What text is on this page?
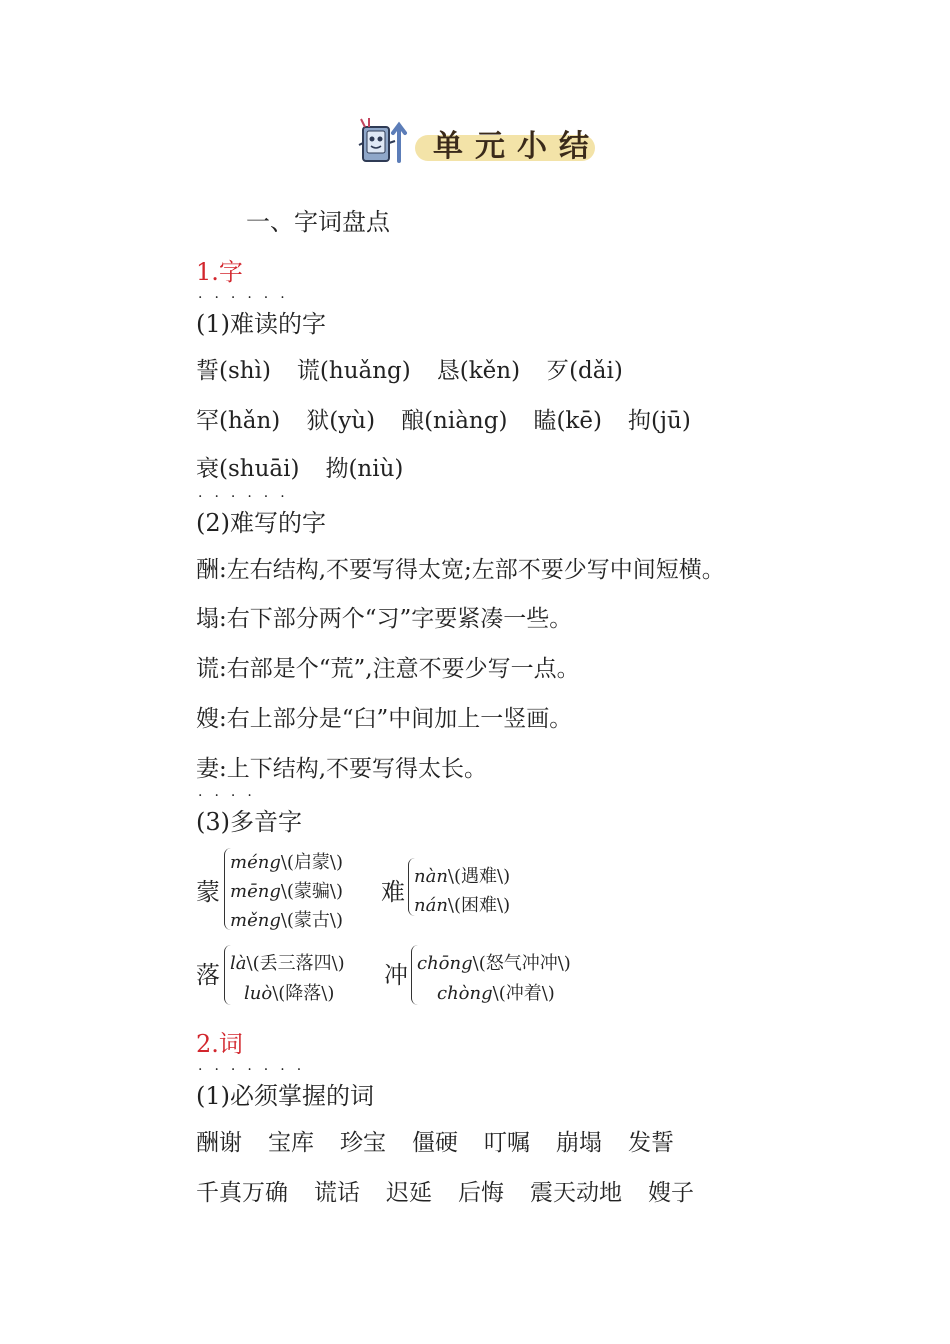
单元小结
一、字词盘点
1.字
······
(1)难读的字
誓(shì) 谎(huǎng) 恳(kěn) 歹(dǎi)
罕(hǎn) 狱(yù) 酿(niàng) 瞌(kē) 拘(jū)
衰(shuāi) 拗(niù)
······
(2)难写的字
酬:左右结构,不要写得太宽;左部不要少写中间短横。
塌:右下部分两个“习”字要紧凑一些。
谎:右部是个“荒”,注意不要少写一点。
嫂:右上部分是“臼”中间加上一竖画。
妻:上下结构,不要写得太长。
····
(3)多音字
蒙
méng\(启蒙\)
mēng\(蒙骗\)
měng\(蒙古\)
难
nàn\(遇难\)
nán\(困难\)
落 là\(丢三落四\)
luò\(降落\)
冲 chōng\(怒气冲冲\)
chòng\(冲着\)
2.词
·······
(1)必须掌握的词
酬谢 宝库 珍宝 僵硬 叮嘱 崩塌 发誓
千真万确 谎话 迟延 后悔 震天动地 嫂子
